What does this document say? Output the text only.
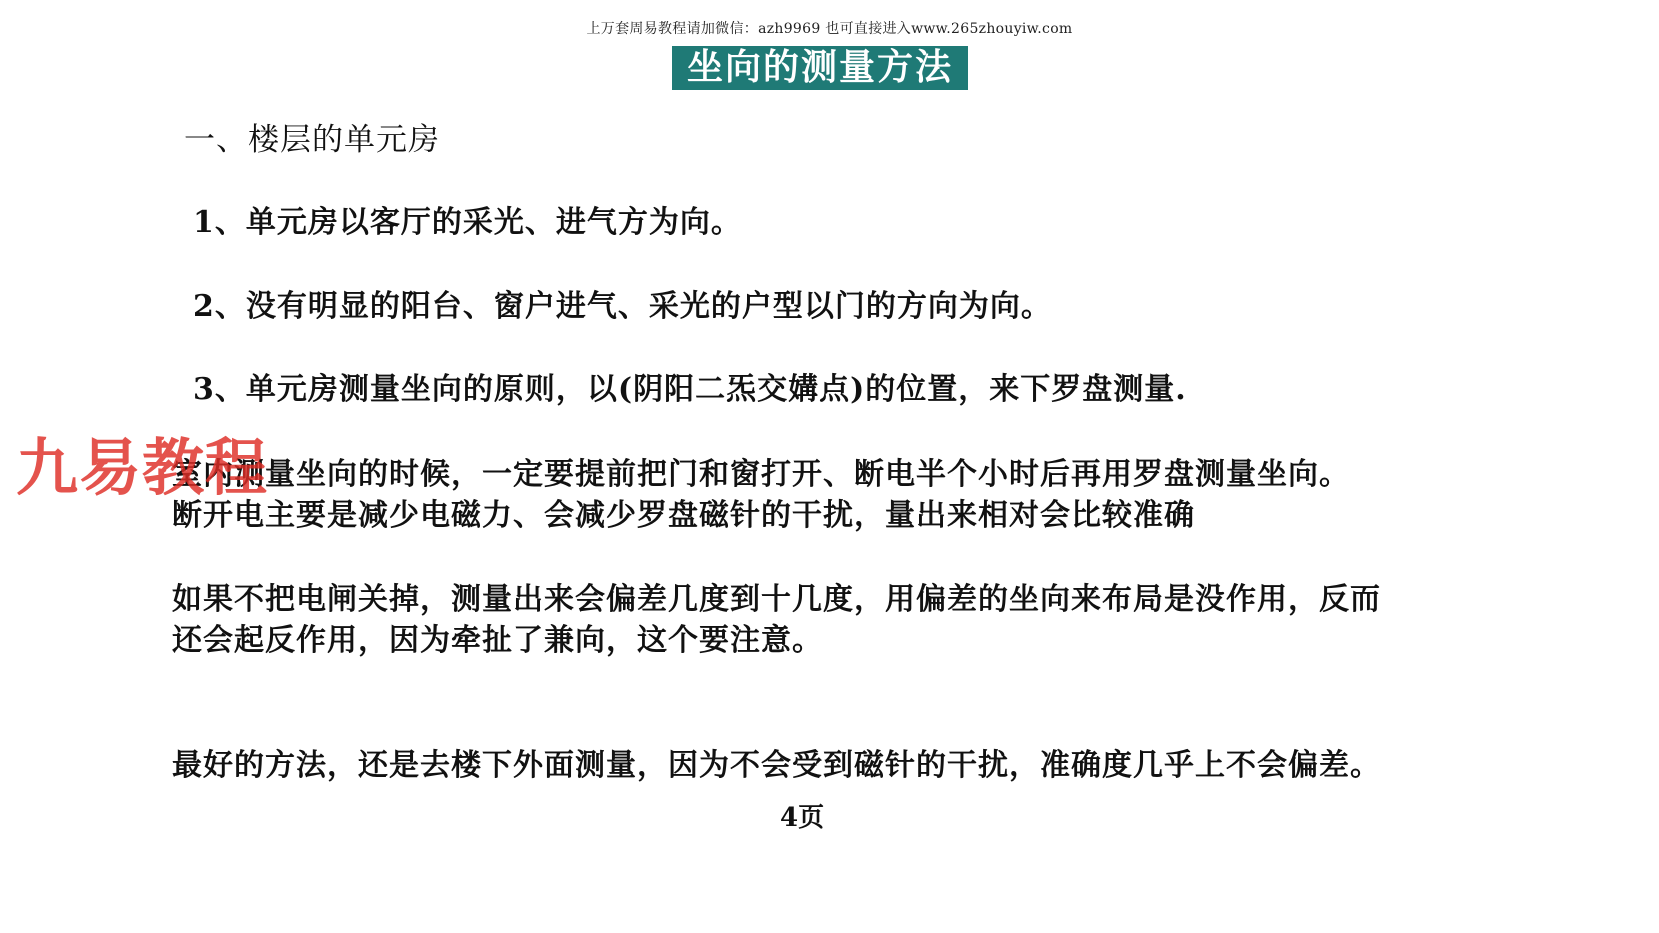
上万套周易教程请加微信：azh9969 也可直接进入www.265zhouyiw.com
坐向的测量方法
一、楼层的单元房
1、单元房以客厅的采光、进气方为向。
2、没有明显的阳台、窗户进气、采光的户型以门的方向为向。
3、单元房测量坐向的原则，以(阴阳二炁交媾点)的位置，来下罗盘测量.
室内测量坐向的时候，一定要提前把门和窗打开、断电半个小时后再用罗盘测量坐向。
断开电主要是减少电磁力、会减少罗盘磁针的干扰，量出来相对会比较准确
如果不把电闸关掉，测量出来会偏差几度到十几度，用偏差的坐向来布局是没作用，反而
还会起反作用，因为牵扯了兼向，这个要注意。
最好的方法，还是去楼下外面测量，因为不会受到磁针的干扰，准确度几乎上不会偏差。
4页
九易教程
